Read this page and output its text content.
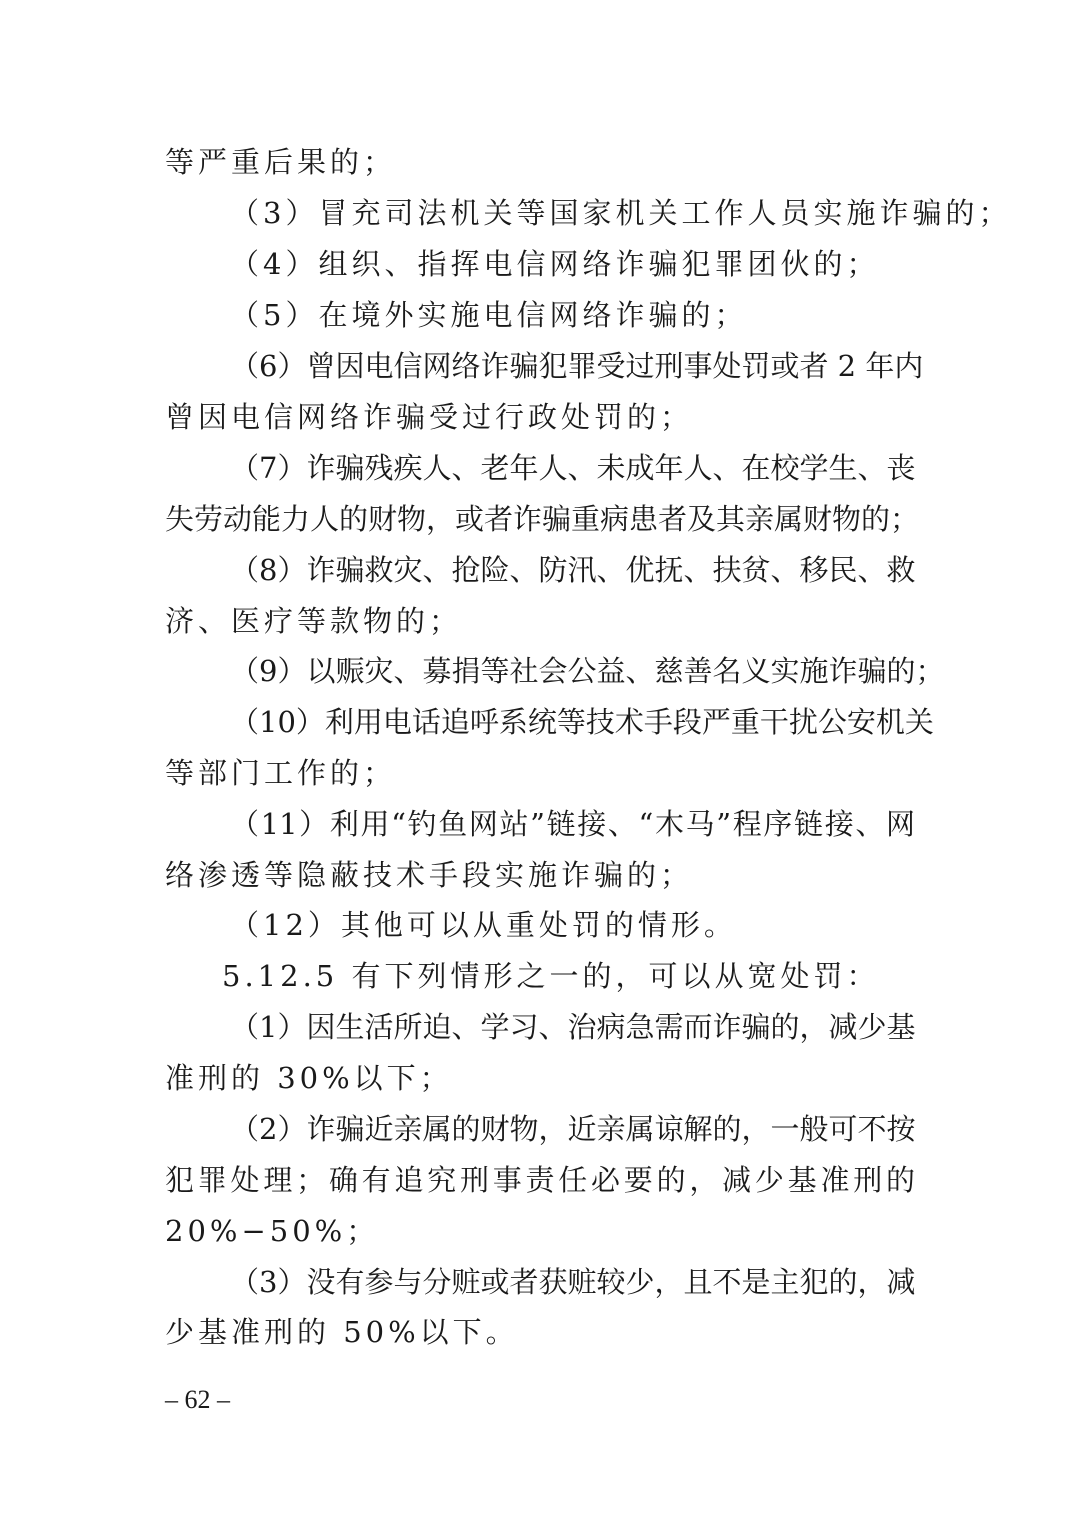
等严重后果的；
（3）冒充司法机关等国家机关工作人员实施诈骗的；
（4）组织、指挥电信网络诈骗犯罪团伙的；
（5）在境外实施电信网络诈骗的；
（6）曾因电信网络诈骗犯罪受过刑事处罚或者 2 年内
曾因电信网络诈骗受过行政处罚的；
（7）诈骗残疾人、老年人、未成年人、在校学生、丧
失劳动能力人的财物，或者诈骗重病患者及其亲属财物的；
（8）诈骗救灾、抢险、防汛、优抚、扶贫、移民、救
济、医疗等款物的；
（9）以赈灾、募捐等社会公益、慈善名义实施诈骗的；
（10）利用电话追呼系统等技术手段严重干扰公安机关
等部门工作的；
（11）利用“钓鱼网站”链接、“木马”程序链接、网
络渗透等隐蔽技术手段实施诈骗的；
（12）其他可以从重处罚的情形。
5.12.5 有下列情形之一的，可以从宽处罚：
（1）因生活所迫、学习、治病急需而诈骗的，减少基
准刑的 30%以下；
（2）诈骗近亲属的财物，近亲属谅解的，一般可不按
犯罪处理；确有追究刑事责任必要的，减少基准刑的
20%−50%；
（3）没有参与分赃或者获赃较少，且不是主犯的，减
少基准刑的 50%以下。
– 62 –
